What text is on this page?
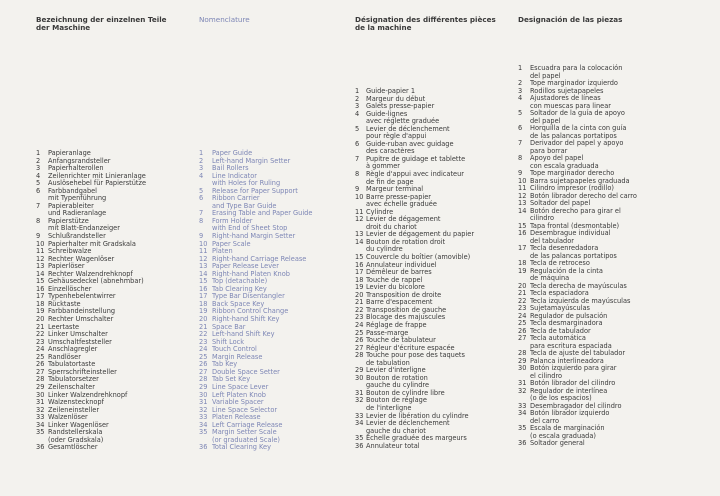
Bezeichnung der einzelnen Teile
der Maschine
1	Papieranlage
2	Anfangsrandsteller
3	Papierhalterollen
4	Zeilenrichter mit Linieranlage
5	Auslösehebel für Papierstütze
6	Farbbandgabel
mit Typenführung
7	Papierableiter
und Radieranlage
8	Papierstütze
mit Blatt-Endanzeiger
9	Schlußrandsteller
10 Papierhalter mit Gradskala
11 Schreibwalze
12 Rechter Wagenlöser
13 Papierlöser
14 Rechter Walzendrehknopf
15 Gehäusedeckel (abnehmbar)
16 Einzellöscher
17 Typenhebelentwirrer
18 Rücktaste
19 Farbbandeinstellung
20 Rechter Umschalter
21 Leertaste
22 Linker Umschalter
23 Umschaltfeststeller
24 Anschlagregler
25 Randlöser
26 Tabulatortaste
27 Sperrschrifteinsteller
28 Tabulatorsetzer
29 Zeilenschalter
30 Linker Walzendrehknopf
31 Walzenstecknopf
32 Zeileneinsteller
33 Walzenlöser
34 Linker Wagenlöser
35 Randstellerskala
(oder Gradskala)
36 Gesamtlöscher
Nomenclature
1	Paper Guide
2	Left-hand Margin Setter
3	Bail Rollers
4	Line Indicator
with Holes for Ruling
5	Release for Paper Support
6	Ribbon Carrier
and Type Bar Guide
7	Erasing Table and Paper Guide
8	Form Holder
with End of Sheet Stop
9	Right-hand Margin Setter
10 Paper Scale
11 Platen
12 Right-hand Carriage Release
13 Paper Release Lever
14 Right-hand Platen Knob
15 Top (detachable)
16 Tab Clearing Key
17 Type Bar Disentangler
18 Back Space Key
19 Ribbon Control Change
20 Right-hand Shift Key
21 Space Bar
22 Left-hand Shift Key
23 Shift Lock
24 Touch Control
25 Margin Release
26 Tab Key
27 Double Space Setter
28 Tab Set Key
29 Line Space Lever
30 Left Platen Knob
31 Variable Spacer
32 Line Space Selector
33 Platen Release
34 Left Carriage Release
35 Margin Setter Scale
(or graduated Scale)
36 Total Clearing Key
Désignation des différentes pièces
de la machine
1	Guide-papier 1
2	Margeur du début
3	Galets presse-papier
4	Guide-lignes
avec réglette graduée
5	Levier de déclenchement
pour règle d'appui
6	Guide-ruban avec guidage
des caractères
7	Pupitre de guidage et tablette
à gommer
8	Règle d'appui avec indicateur
de fin de page
9	Margeur terminal
10 Barre presse-papier
avec échelle graduée
11 Cylindre
12 Levier de dégagement
droit du chariot
13 Levier de dégagement du papier
14 Bouton de rotation droit
du cylindre
15 Couvercle du boîtier (amovible)
16 Annulateur individuel
17 Démêleur de barres
18 Touche de rappel
19 Levier du bicolore
20 Transposition de droite
21 Barre d'espacement
22 Transposition de gauche
23 Blocage des majuscules
24 Réglage de frappe
25 Passe-marge
26 Touche de tabulateur
27 Régleur d'écriture espacée
28 Touche pour pose des taquets
de tabulation
29 Levier d'interligne
30 Bouton de rotation
gauche du cylindre
31 Bouton de cylindre libre
32 Bouton de réglage
de l'interligne
33 Levier de libération du cylindre
34 Levier de déclenchement
gauche du chariot
35 Échelle graduée des margeurs
36 Annulateur total
Designación de las piezas
1	Escuadra para la colocación
del papel
2	Tope marginador izquierdo
3	Rodillos sujetapapeles
4	Ajustadores de líneas
con muescas para linear
5	Soltador de la guía de apoyo
del papel
6	Horquilla de la cinta con guía
de las palancas portatipos
7	Derivador del papel y apoyo
para borrar
8	Apoyo del papel
con escala graduada
9	Tope marginador derecho
10 Barra sujetapapeles graduada
11 Cilindro impresor (rodillo)
12 Botón librador derecho del carro
13 Soltador del papel
14 Botón derecho para girar el
cilindro
15 Tapa frontal (desmontable)
16 Desembrague individual
del tabulador
17 Tecla desenredadora
de las palancas portatipos
18 Tecla de retroceso
19 Regulación de la cinta
de máquina
20 Tecla derecha de mayúsculas
21 Tecla espaciadora
22 Tecla izquierda de mayúsculas
23 Sujetamayúsculas
24 Regulador de pulsación
25 Tecla desmarginadora
26 Tecla de tabulador
27 Tecla automática
para escritura espaciada
28 Tecla de ajuste del tabulador
29 Palanca interlineadora
30 Botón izquierdo para girar
el cilindro
31 Botón librador del cilindro
32 Regulador de interlínea
(o de los espacios)
33 Desembragador del cilindro
34 Botón librador izquierdo
del carro
35 Escala de marginación
(o escala graduada)
36 Soltador general
